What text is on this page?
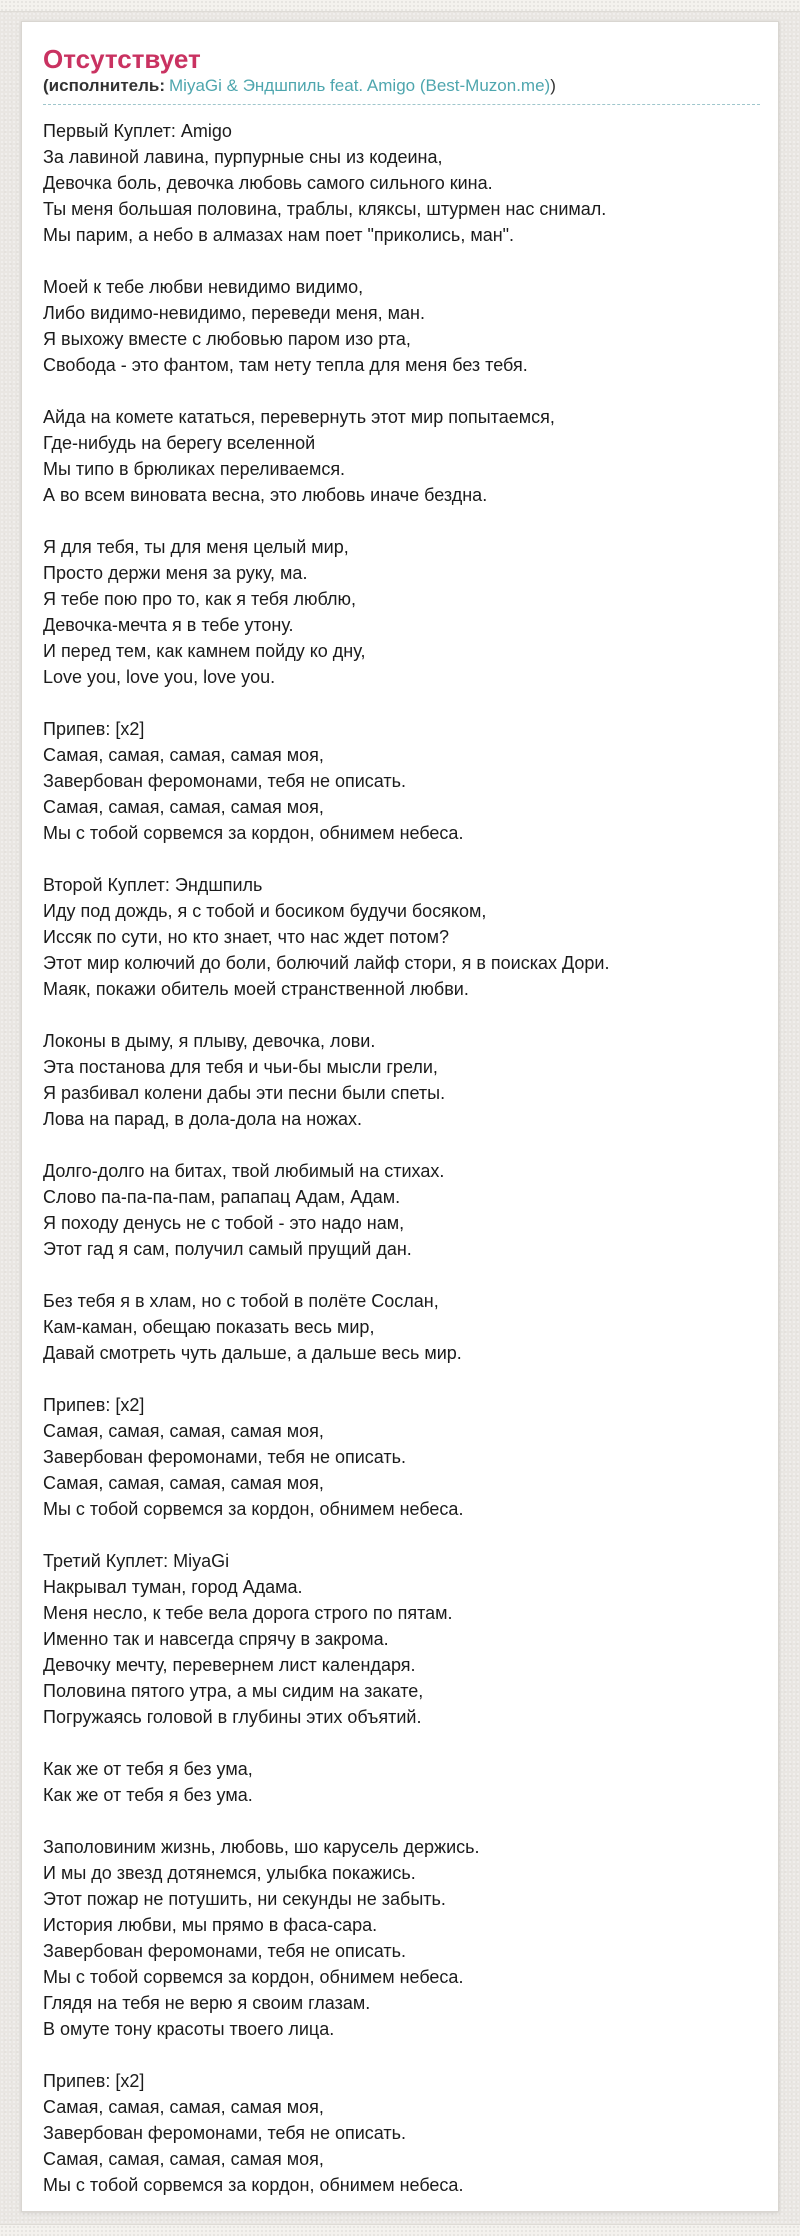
Отсутствует

(исполнитель: MiyaGi & Эндшпиль feat. Amigo (Best-Muzon.me))

Первый Куплет: Amigo
За лавиной лавина, пурпурные сны из кодеина,
Девочка боль, девочка любовь самого сильного кина.
Ты меня большая половина, траблы, кляксы, штурмен нас снимал.
Мы парим, а небо в алмазах нам поет "приколись, ман".

Моей к тебе любви невидимо видимо,
Либо видимо-невидимо, переведи меня, ман.
Я выхожу вместе с любовью паром изо рта,
Свобода - это фантом, там нету тепла для меня без тебя.

Айда на комете кататься, перевернуть этот мир попытаемся,
Где-нибудь на берегу вселенной
Мы типо в брюликах переливаемся.
А во всем виновата весна, это любовь иначе бездна.

Я для тебя, ты для меня целый мир,
Просто держи меня за руку, ма.
Я тебе пою про то, как я тебя люблю,
Девочка-мечта я в тебе утону.
И перед тем, как камнем пойду ко дну,
Love you, love you, love you.

Припев: [x2]
Самая, самая, самая, самая моя,
Завербован феромонами, тебя не описать.
Самая, самая, самая, самая моя,
Мы с тобой сорвемся за кордон, обнимем небеса.

Второй Куплет: Эндшпиль
Иду под дождь, я с тобой и босиком будучи босяком,
Иссяк по сути, но кто знает, что нас ждет потом?
Этот мир колючий до боли, болючий лайф стори, я в поисках Дори.
Маяк, покажи обитель моей странственной любви.

Локоны в дыму, я плыву, девочка, лови.
Эта постанова для тебя и чьи-бы мысли грели,
Я разбивал колени дабы эти песни были спеты.
Лова на парад, в дола-дола на ножах.

Долго-долго на битах, твой любимый на стихах.
Слово па-па-па-пам, рапапац Адам, Адам.
Я походу денусь не с тобой - это надо нам,
Этот гад я сам, получил самый прущий дан.

Без тебя я в хлам, но с тобой в полёте Сослан,
Кам-каман, обещаю показать весь мир,
Давай смотреть чуть дальше, а дальше весь мир.

Припев: [x2]
Самая, самая, самая, самая моя,
Завербован феромонами, тебя не описать.
Самая, самая, самая, самая моя,
Мы с тобой сорвемся за кордон, обнимем небеса.

Третий Куплет: MiyaGi
Накрывал туман, город Адама.
Меня несло, к тебе вела дорога строго по пятам.
Именно так и навсегда спрячу в закрома.
Девочку мечту, перевернем лист календаря.
Половина пятого утра, а мы сидим на закате,
Погружаясь головой в глубины этих объятий.

Как же от тебя я без ума,
Как же от тебя я без ума.

Заполовиним жизнь, любовь, шо карусель держись.
И мы до звезд дотянемся, улыбка покажись.
Этот пожар не потушить, ни секунды не забыть.
История любви, мы прямо в фаса-сара.
Завербован феромонами, тебя не описать.
Мы с тобой сорвемся за кордон, обнимем небеса.
Глядя на тебя не верю я своим глазам.
В омуте тону красоты твоего лица.

Припев: [x2]
Самая, самая, самая, самая моя,
Завербован феромонами, тебя не описать.
Самая, самая, самая, самая моя,
Мы с тобой сорвемся за кордон, обнимем небеса.
